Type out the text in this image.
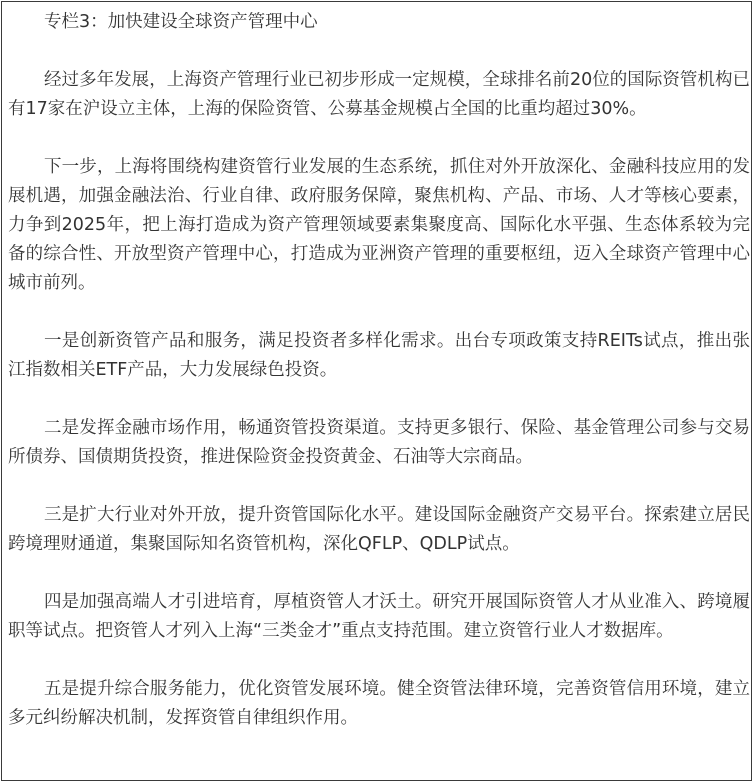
专栏3：加快建设全球资产管理中心

经过多年发展，上海资产管理行业已初步形成一定规模，全球排名前20位的国际资管机构已有17家在沪设立主体，上海的保险资管、公募基金规模占全国的比重均超过30%。

下一步，上海将围绕构建资管行业发展的生态系统，抓住对外开放深化、金融科技应用的发展机遇，加强金融法治、行业自律、政府服务保障，聚焦机构、产品、市场、人才等核心要素，力争到2025年，把上海打造成为资产管理领域要素集聚度高、国际化水平强、生态体系较为完备的综合性、开放型资产管理中心，打造成为亚洲资产管理的重要枢纽，迈入全球资产管理中心城市前列。

一是创新资管产品和服务，满足投资者多样化需求。出台专项政策支持REITs试点，推出张江指数相关ETF产品，大力发展绿色投资。

二是发挥金融市场作用，畅通资管投资渠道。支持更多银行、保险、基金管理公司参与交易所债券、国债期货投资，推进保险资金投资黄金、石油等大宗商品。

三是扩大行业对外开放，提升资管国际化水平。建设国际金融资产交易平台。探索建立居民跨境理财通道，集聚国际知名资管机构，深化QFLP、QDLP试点。

四是加强高端人才引进培育，厚植资管人才沃土。研究开展国际资管人才从业准入、跨境履职等试点。把资管人才列入上海“三类金才”重点支持范围。建立资管行业人才数据库。

五是提升综合服务能力，优化资管发展环境。健全资管法律环境，完善资管信用环境，建立多元纠纷解决机制，发挥资管自律组织作用。
